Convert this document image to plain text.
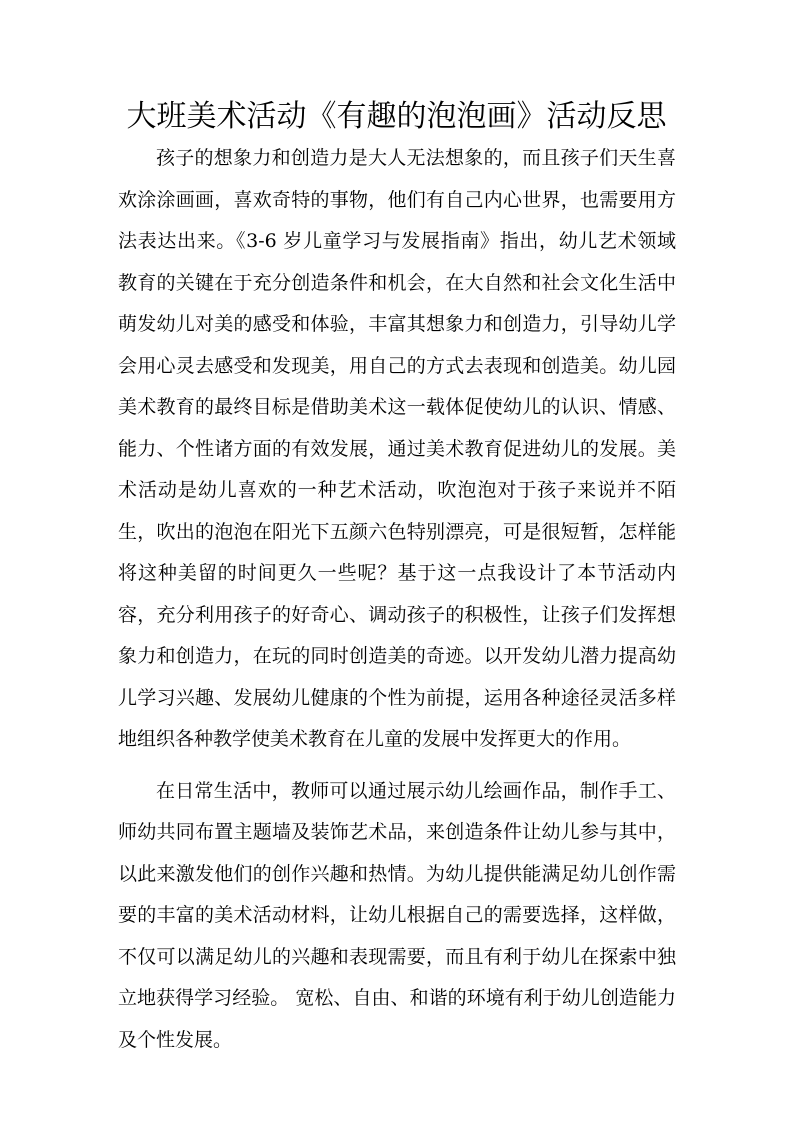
大班美术活动《有趣的泡泡画》活动反思

孩子的想象力和创造力是大人无法想象的，而且孩子们天生喜欢涂涂画画，喜欢奇特的事物，他们有自己内心世界，也需要用方法表达出来。《3-6 岁儿童学习与发展指南》指出，幼儿艺术领域教育的关键在于充分创造条件和机会，在大自然和社会文化生活中萌发幼儿对美的感受和体验，丰富其想象力和创造力，引导幼儿学会用心灵去感受和发现美，用自己的方式去表现和创造美。幼儿园美术教育的最终目标是借助美术这一载体促使幼儿的认识、情感、能力、个性诸方面的有效发展，通过美术教育促进幼儿的发展。美术活动是幼儿喜欢的一种艺术活动，吹泡泡对于孩子来说并不陌生，吹出的泡泡在阳光下五颜六色特别漂亮，可是很短暂，怎样能将这种美留的时间更久一些呢？基于这一点我设计了本节活动内容，充分利用孩子的好奇心、调动孩子的积极性，让孩子们发挥想象力和创造力，在玩的同时创造美的奇迹。以开发幼儿潜力提高幼儿学习兴趣、发展幼儿健康的个性为前提，运用各种途径灵活多样地组织各种教学使美术教育在儿童的发展中发挥更大的作用。

在日常生活中，教师可以通过展示幼儿绘画作品，制作手工、师幼共同布置主题墙及装饰艺术品，来创造条件让幼儿参与其中，以此来激发他们的创作兴趣和热情。为幼儿提供能满足幼儿创作需要的丰富的美术活动材料，让幼儿根据自己的需要选择，这样做，不仅可以满足幼儿的兴趣和表现需要，而且有利于幼儿在探索中独立地获得学习经验。 宽松、自由、和谐的环境有利于幼儿创造能力及个性发展。
